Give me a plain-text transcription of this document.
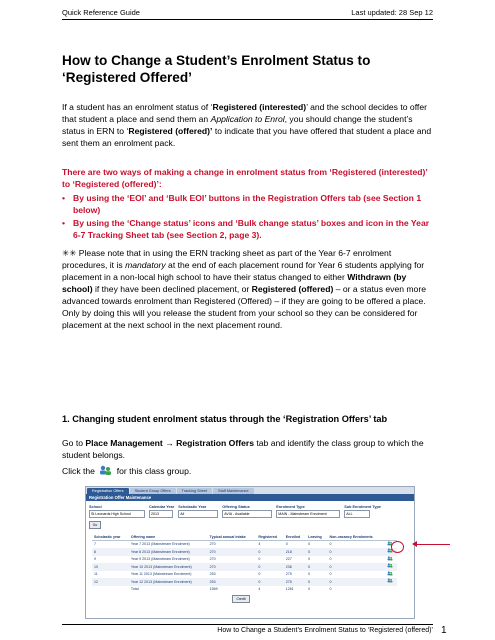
Quick Reference Guide	Last updated: 28 Sep 12
How to Change a Student’s Enrolment Status to ‘Registered Offered’

If a student has an enrolment status of ‘Registered (interested)’ and the school decides to offer that student a place and send them an Application to Enrol, you should change the student’s status in ERN to ‘Registered (offered)’ to indicate that you have offered that student a place and sent them an enrolment pack.

There are two ways of making a change in enrolment status from ‘Registered (interested)’ to ‘Registered (offered)’:

• By using the ‘EOI’ and ‘Bulk EOI’ buttons in the Registration Offers tab (see Section 1 below)
• By using the ‘Change status’ icons and ‘Bulk change status’ boxes and icon in the Year 6-7 Tracking Sheet tab (see Section 2, page 3).

✳✳ Please note that in using the ERN tracking sheet as part of the Year 6-7 enrolment procedures, it is mandatory at the end of each placement round for Year 6 students applying for placement in a non-local high school to have their status changed to either Withdrawn (by school) if they have been declined placement, or Registered (offered) – or a status even more advanced towards enrolment than Registered (Offered) – if they are going to be offered a place. Only by doing this will you release the student from your school so they can be considered for placement at the next school in the next placement round.

1. Changing student enrolment status through the ‘Registration Offers’ tab

Go to Place Management → Registration Offers tab and identify the class group to which the student belongs.

Click the  for this class group.

Registration Offers	Student Group Offers	Tracking Sheet	Staff Maintenance
Registration Offer Maintenance
School
St Leonards High School
Calendar Year
2013
Scholastic Year
All
Offering Status
AVIA - Available
Enrolment Type
MAIN - Mainstream Enrolment
Sub Enrolment Type
ALL
Go
Scholastic year	Offering name	Typical annual intake	Registered	Enrolled	Leaving	Non-vacancy Enrolments	
7	Year 7 2013 (Mainstream Enrolment)	270	4	0	0	0	
8	Year 8 2013 (Mainstream Enrolment)	270	0	218	0	0	
9	Year 9 2013 (Mainstream Enrolment)	270	0	227	0	0	
10	Year 10 2013 (Mainstream Enrolment)	270	0	236	0	0	
11	Year 11 2013 (Mainstream Enrolment)	253	0	275	0	0	
12	Year 12 2013 (Mainstream Enrolment)	253	0	275	0	0	
	Total	1569	4	1261	0	0	
Credit
How to Change a Student’s Enrolment Status to ‘Registered (offered)’ 1
